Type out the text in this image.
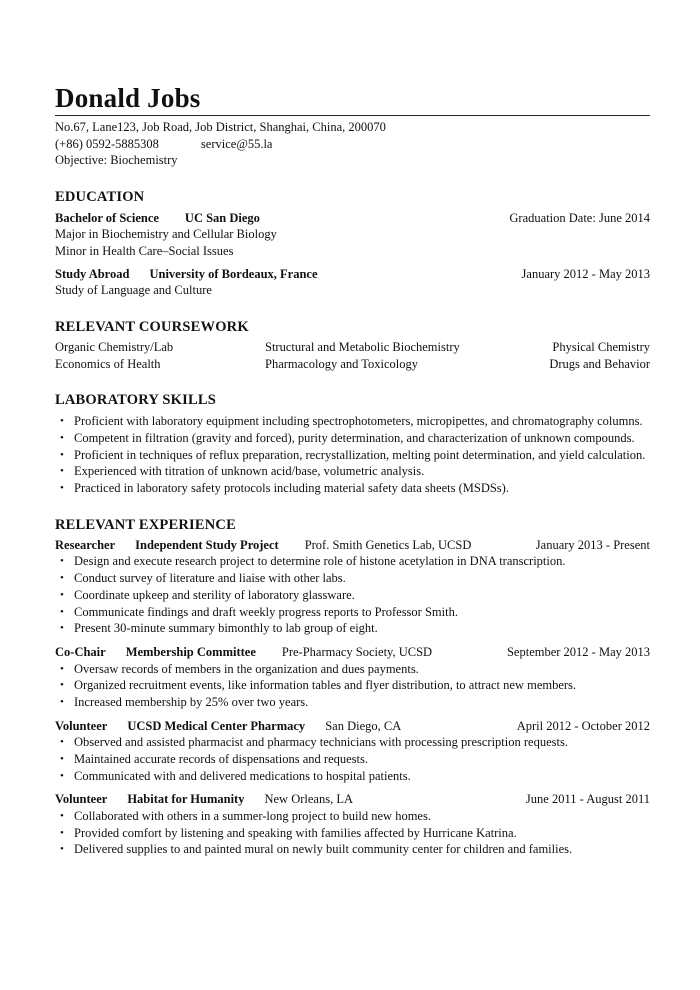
Donald Jobs
No.67, Lane123, Job Road, Job District, Shanghai, China, 200070
(+86) 0592-5885308	service@55.la
Objective: Biochemistry
EDUCATION
Bachelor of Science UC San Diego	Graduation Date: June 2014
Major in Biochemistry and Cellular Biology
Minor in Health Care–Social Issues
Study Abroad University of Bordeaux, France	January 2012 - May 2013
Study of Language and Culture
RELEVANT COURSEWORK
Organic Chemistry/Lab	Structural and Metabolic Biochemistry	Physical Chemistry
Economics of Health	Pharmacology and Toxicology	Drugs and Behavior
LABORATORY SKILLS
• Proficient with laboratory equipment including spectrophotometers, micropipettes, and chromatography columns.
• Competent in filtration (gravity and forced), purity determination, and characterization of unknown compounds.
• Proficient in techniques of reflux preparation, recrystallization, melting point determination, and yield calculation.
• Experienced with titration of unknown acid/base, volumetric analysis.
• Practiced in laboratory safety protocols including material safety data sheets (MSDSs).
RELEVANT EXPERIENCE
Researcher Independent Study Project Prof. Smith Genetics Lab, UCSD	January 2013 - Present
• Design and execute research project to determine role of histone acetylation in DNA transcription.
• Conduct survey of literature and liaise with other labs.
• Coordinate upkeep and sterility of laboratory glassware.
• Communicate findings and draft weekly progress reports to Professor Smith.
• Present 30-minute summary bimonthly to lab group of eight.
Co-Chair Membership Committee Pre-Pharmacy Society, UCSD	September 2012 - May 2013
• Oversaw records of members in the organization and dues payments.
• Organized recruitment events, like information tables and flyer distribution, to attract new members.
• Increased membership by 25% over two years.
Volunteer UCSD Medical Center Pharmacy San Diego, CA	April 2012 - October 2012
• Observed and assisted pharmacist and pharmacy technicians with processing prescription requests.
• Maintained accurate records of dispensations and requests.
• Communicated with and delivered medications to hospital patients.
Volunteer Habitat for Humanity New Orleans, LA	June 2011 - August 2011
• Collaborated with others in a summer-long project to build new homes.
• Provided comfort by listening and speaking with families affected by Hurricane Katrina.
• Delivered supplies to and painted mural on newly built community center for children and families.
